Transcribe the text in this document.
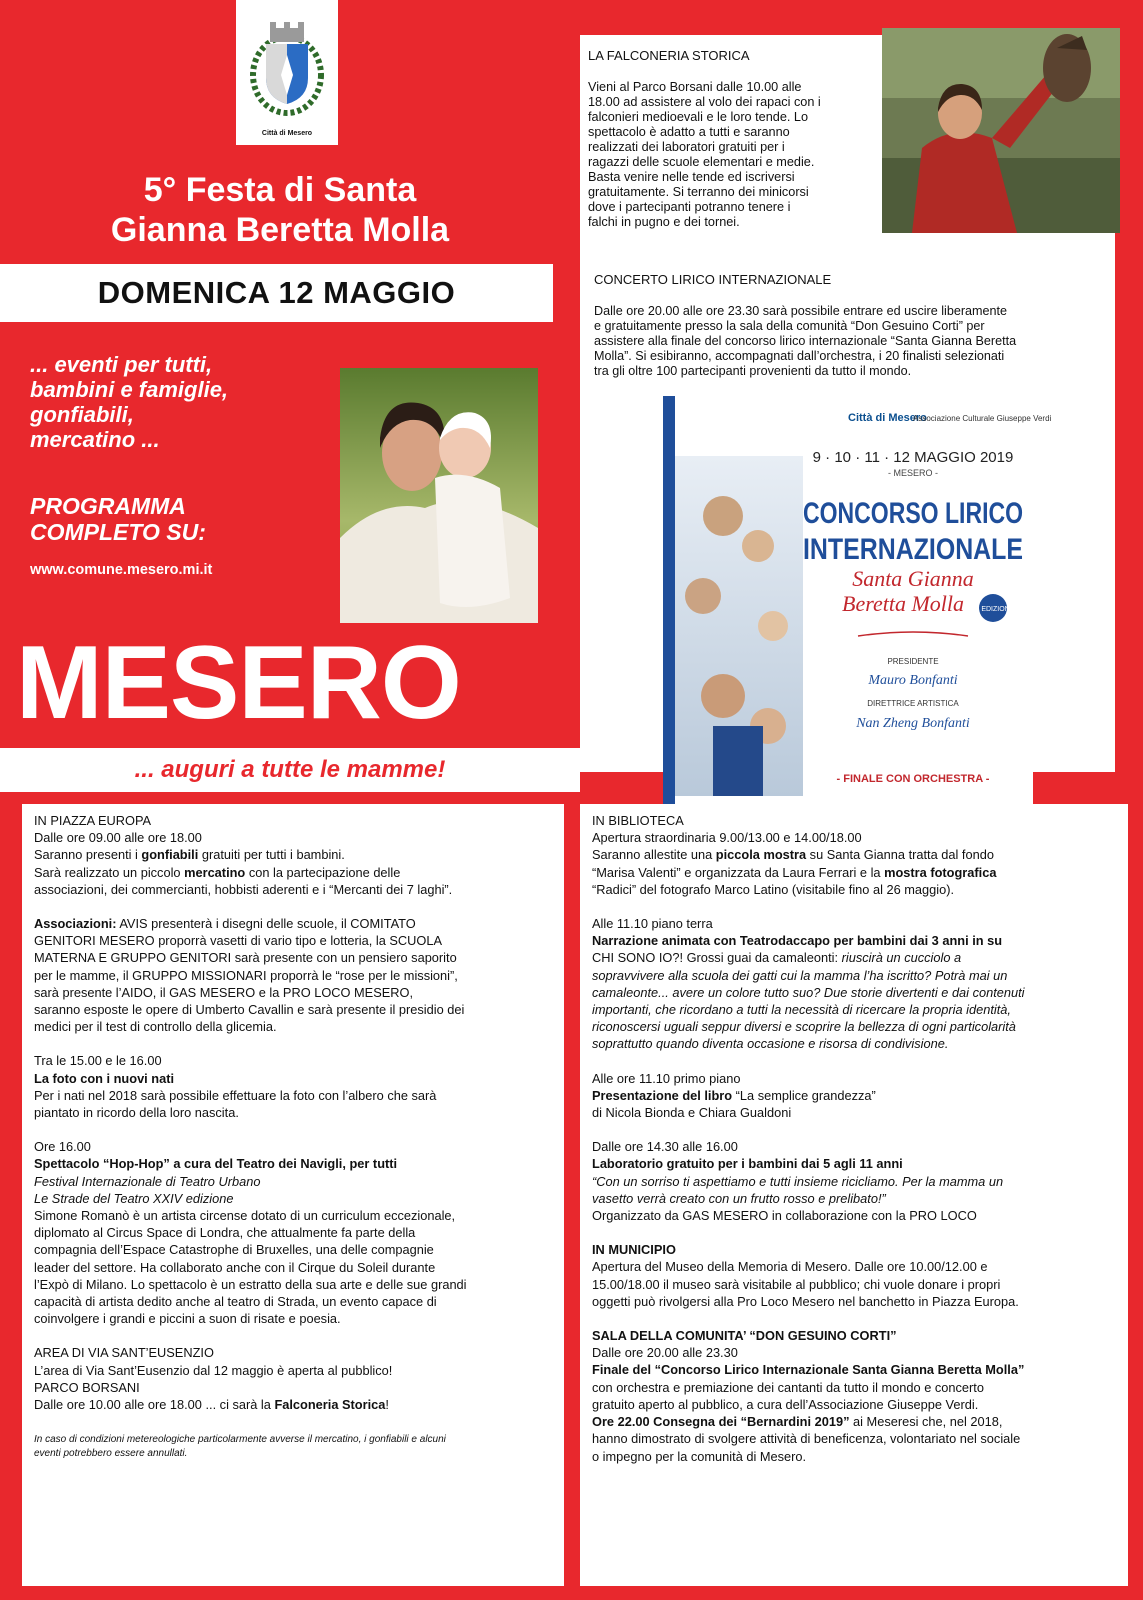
Città di Mesero
5° Festa di Santa
Gianna Beretta Molla
DOMENICA 12 MAGGIO
... eventi per tutti,
bambini e famiglie,
gonfiabili,
mercatino ...
PROGRAMMA
COMPLETO SU:
www.comune.mesero.mi.it
MESERO
... auguri a tutte le mamme!
LA FALCONERIA STORICA
Vieni al Parco Borsani dalle 10.00 alle
18.00 ad assistere al volo dei rapaci con i
falconieri medioevali e le loro tende. Lo
spettacolo è adatto a tutti e saranno
realizzati dei laboratori gratuiti per i
ragazzi delle scuole elementari e medie.
Basta venire nelle tende ed iscriversi
gratuitamente. Si terranno dei minicorsi
dove i partecipanti potranno tenere i
falchi in pugno e dei tornei.
CONCERTO LIRICO INTERNAZIONALE
Dalle ore 20.00 alle ore 23.30 sarà possibile entrare ed uscire liberamente
e gratuitamente presso la sala della comunità “Don Gesuino Corti” per
assistere alla finale del concorso lirico internazionale “Santa Gianna Beretta
Molla”. Si esibiranno, accompagnati dall’orchestra, i 20 finalisti selezionati
tra gli oltre 100 partecipanti provenienti da tutto il mondo.
Città di Mesero
Associazione Culturale Giuseppe Verdi
9 · 10 · 11 · 12 MAGGIO 2019
- MESERO -
CONCORSO LIRICO
INTERNAZIONALE
Santa Gianna
Beretta Molla 4a EDIZIONE
PRESIDENTE
Mauro Bonfanti
DIRETTRICE ARTISTICA
Nan Zheng Bonfanti
- FINALE CON ORCHESTRA -

IN PIAZZA EUROPA

Dalle ore 09.00 alle ore 18.00

Saranno presenti i gonfiabili gratuiti per tutti i bambini.

Sarà realizzato un piccolo mercatino con la partecipazione delle

associazioni, dei commercianti, hobbisti aderenti e i “Mercanti dei 7 laghi”.

Associazioni: AVIS presenterà i disegni delle scuole, il COMITATO

GENITORI MESERO proporrà vasetti di vario tipo e lotteria, la SCUOLA

MATERNA E GRUPPO GENITORI sarà presente con un pensiero saporito

per le mamme, il GRUPPO MISSIONARI proporrà le “rose per le missioni”,

sarà presente l’AIDO, il GAS MESERO e la PRO LOCO MESERO,

saranno esposte le opere di Umberto Cavallin e sarà presente il presidio dei

medici per il test di controllo della glicemia.

Tra le 15.00 e le 16.00

La foto con i nuovi nati

Per i nati nel 2018 sarà possibile effettuare la foto con l’albero che sarà

piantato in ricordo della loro nascita.

Ore 16.00

Spettacolo “Hop-Hop” a cura del Teatro dei Navigli, per tutti

Festival Internazionale di Teatro Urbano

Le Strade del Teatro XXIV edizione

Simone Romanò è un artista circense dotato di un curriculum eccezionale,

diplomato al Circus Space di Londra, che attualmente fa parte della

compagnia dell’Espace Catastrophe di Bruxelles, una delle compagnie

leader del settore. Ha collaborato anche con il Cirque du Soleil durante

l’Expò di Milano. Lo spettacolo è un estratto della sua arte e delle sue grandi

capacità di artista dedito anche al teatro di Strada, un evento capace di

coinvolgere i grandi e piccini a suon di risate e poesia.

AREA DI VIA SANT’EUSENZIO

L’area di Via Sant’Eusenzio dal 12 maggio è aperta al pubblico!

PARCO BORSANI

Dalle ore 10.00 alle ore 18.00 ... ci sarà la Falconeria Storica!

In caso di condizioni metereologiche particolarmente avverse il mercatino, i gonfiabili e alcuni

eventi potrebbero essere annullati.

IN BIBLIOTECA

Apertura straordinaria 9.00/13.00 e 14.00/18.00

Saranno allestite una piccola mostra su Santa Gianna tratta dal fondo

“Marisa Valenti” e organizzata da Laura Ferrari e la mostra fotografica

“Radici” del fotografo Marco Latino (visitabile fino al 26 maggio).

Alle 11.10 piano terra

Narrazione animata con Teatrodaccapo per bambini dai 3 anni in su

CHI SONO IO?! Grossi guai da camaleonti: riuscirà un cucciolo a

sopravvivere alla scuola dei gatti cui la mamma l’ha iscritto? Potrà mai un

camaleonte... avere un colore tutto suo? Due storie divertenti e dai contenuti

importanti, che ricordano a tutti la necessità di ricercare la propria identità,

riconoscersi uguali seppur diversi e scoprire la bellezza di ogni particolarità

soprattutto quando diventa occasione e risorsa di condivisione.

Alle ore 11.10 primo piano

Presentazione del libro “La semplice grandezza”

di Nicola Bionda e Chiara Gualdoni

Dalle ore 14.30 alle 16.00

Laboratorio gratuito per i bambini dai 5 agli 11 anni

“Con un sorriso ti aspettiamo e tutti insieme ricicliamo. Per la mamma un

vasetto verrà creato con un frutto rosso e prelibato!”

Organizzato da GAS MESERO in collaborazione con la PRO LOCO

IN MUNICIPIO

Apertura del Museo della Memoria di Mesero. Dalle ore 10.00/12.00 e

15.00/18.00 il museo sarà visitabile al pubblico; chi vuole donare i propri

oggetti può rivolgersi alla Pro Loco Mesero nel banchetto in Piazza Europa.

SALA DELLA COMUNITA’ “DON GESUINO CORTI”

Dalle ore 20.00 alle 23.30

Finale del “Concorso Lirico Internazionale Santa Gianna Beretta Molla”

con orchestra e premiazione dei cantanti da tutto il mondo e concerto

gratuito aperto al pubblico, a cura dell’Associazione Giuseppe Verdi.

Ore 22.00 Consegna dei “Bernardini 2019” ai Meseresi che, nel 2018,

hanno dimostrato di svolgere attività di beneficenza, volontariato nel sociale

o impegno per la comunità di Mesero.
